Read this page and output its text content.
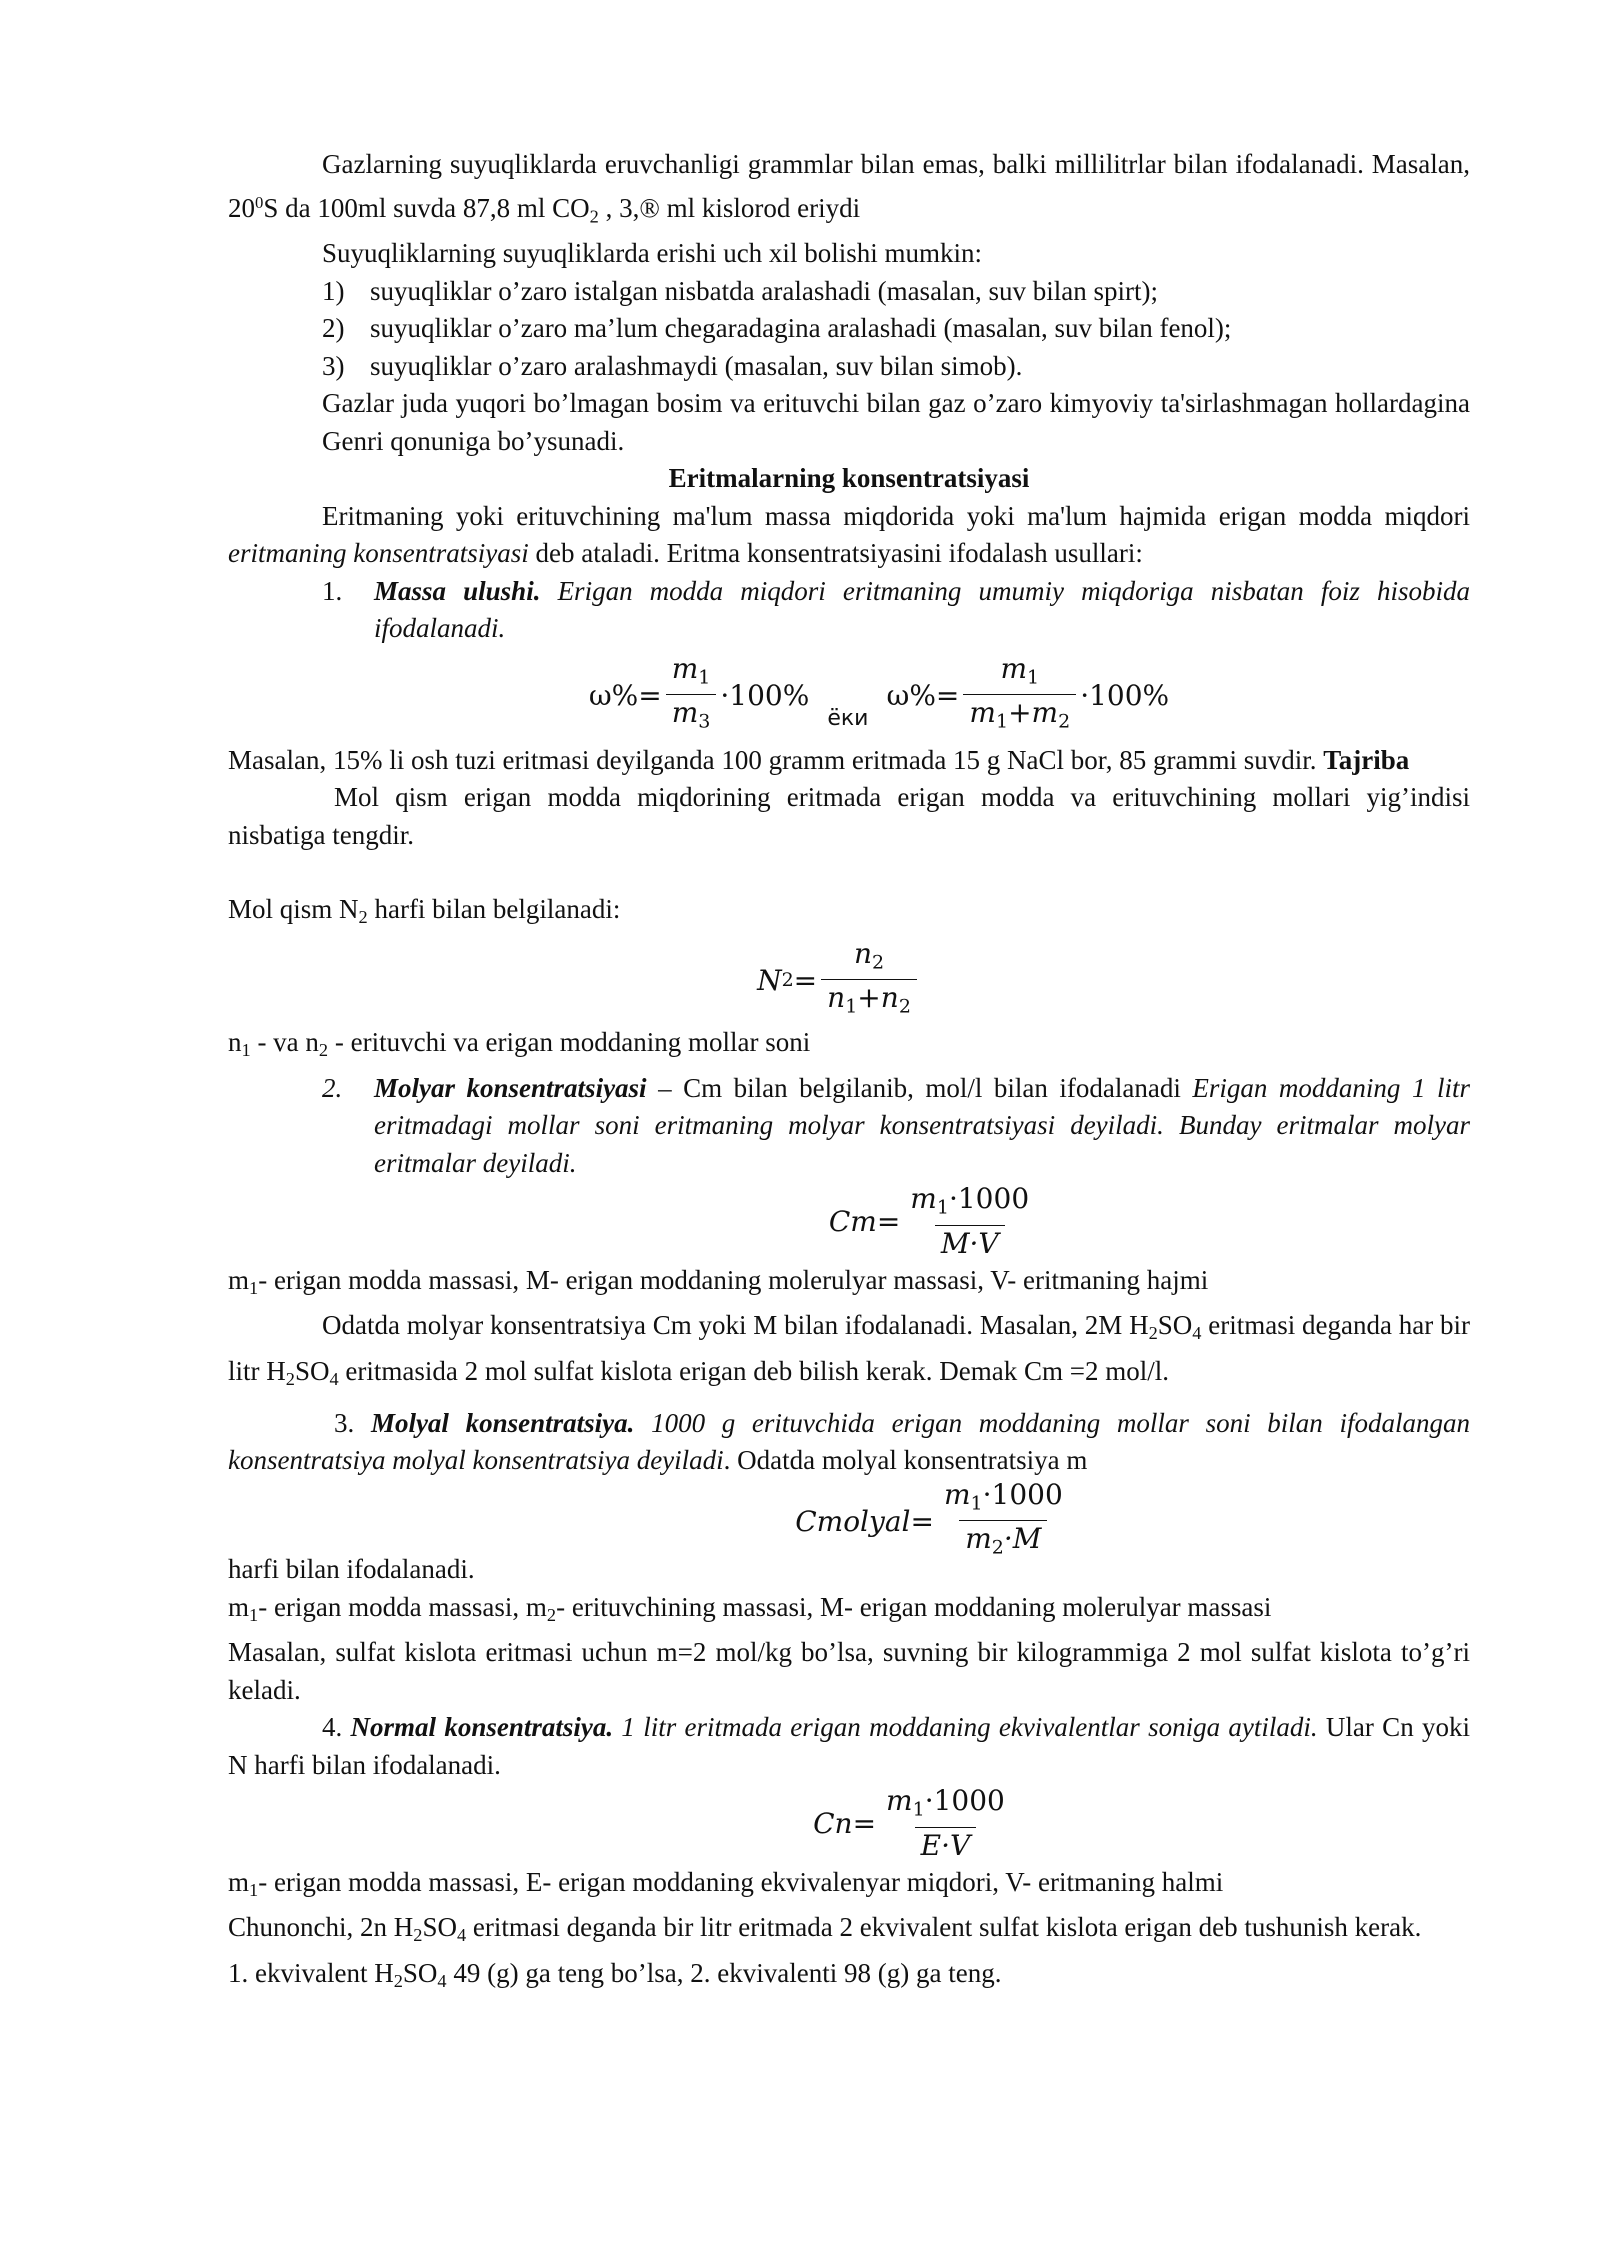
Gazlarning suyuqliklarda eruvchanligi grammlar bilan emas, balki millilitrlar bilan ifodalanadi. Masalan, $20^0S$ da 100ml suvda 87,8 ml $CO_2$ , 3,® ml kislorod eriydi

Suyuqliklarning suyuqliklarda erishi uch xil bolishi mumkin:

1) suyuqliklar o’zaro istalgan nisbatda aralashadi (masalan, suv bilan spirt);
2) suyuqliklar o’zaro ma’lum chegaradagina aralashadi (masalan, suv bilan fenol);
3) suyuqliklar o’zaro aralashmaydi (masalan, suv bilan simob).

Gazlar juda yuqori bo’lmagan bosim va erituvchi bilan gaz o’zaro kimyoviy ta'sirlashmagan hollardagina Genri qonuniga bo’ysunadi.

Eritmalarning konsentratsiyasi

Eritmaning yoki erituvchining ma'lum massa miqdorida yoki ma'lum hajmida erigan modda miqdori eritmaning konsentratsiyasi deb ataladi. Eritma konsentratsiyasini ifodalash usullari:

1. Massa ulushi. Erigan modda miqdori eritmaning umumiy miqdoriga nisbatan foiz hisobida ifodalanadi.

$\omega\%= \frac{m_1}{m_3} \cdot 100\%$
ёки
$\omega\%= \frac{m_1}{m_1+m_2} \cdot 100\%$

Masalan, 15% li osh tuzi eritmasi deyilganda 100 gramm eritmada 15 g NaCl bor, 85 grammi suvdir. Tajriba

Mol qism erigan modda miqdorining eritmada erigan modda va erituvchining mollari yig’indisi nisbatiga tengdir.

Mol qism $N_2$ harfi bilan belgilanadi:

N $2 = \frac{n_2}{n_1+n_2}$

$n_1$ - va $n_2$ - erituvchi va erigan moddaning mollar soni

2. Molyar konsentratsiyasi – Cm bilan belgilanib, mol/l bilan ifodalanadi Erigan moddaning 1 litr eritmadagi mollar soni eritmaning molyar konsentratsiyasi deyiladi. Bunday eritmalar molyar eritmalar deyiladi.

$Cm= \frac{m_1\cdot 1000}{M\cdot V}$

$m_1-$ erigan modda massasi, M- erigan moddaning molerulyar massasi, V- eritmaning hajmi

Odatda molyar konsentratsiya Cm yoki M bilan ifodalanadi. Masalan, 2M $H_2SO_4$ eritmasi deganda har bir litr $H_2SO_4$ eritmasida 2 mol sulfat kislota erigan deb bilish kerak. Demak Cm =2 mol/l.

3. Molyal konsentratsiya. 1000 g erituvchida erigan moddaning mollar soni bilan ifodalangan konsentratsiya molyal konsentratsiya deyiladi. Odatda molyal konsentratsiya m

Cmolyal= $\frac{m_1\cdot 1000}{m_2\cdot M}$

harfi bilan ifodalanadi.

$m_1-$ erigan modda massasi, $m_2-$ erituvchining massasi, M- erigan moddaning molerulyar massasi

Masalan, sulfat kislota eritmasi uchun m=2 mol/kg bo’lsa, suvning bir kilogrammiga 2 mol sulfat kislota to’g’ri keladi.

4. Normal konsentratsiya. 1 litr eritmada erigan moddaning ekvivalentlar soniga aytiladi. Ular Cn yoki N harfi bilan ifodalanadi.

$Cn= \frac{m_1\cdot 1000}{E\cdot V}$

$m_1-$ erigan modda massasi, E- erigan moddaning ekvivalenyar miqdori, V- eritmaning halmi

Chunonchi, 2n $H_2SO_4$ eritmasi deganda bir litr eritmada 2 ekvivalent sulfat kislota erigan deb tushunish kerak.

1. ekvivalent $H_2SO_4$ 49 (g) ga teng bo’lsa, 2. ekvivalenti 98 (g) ga teng.
